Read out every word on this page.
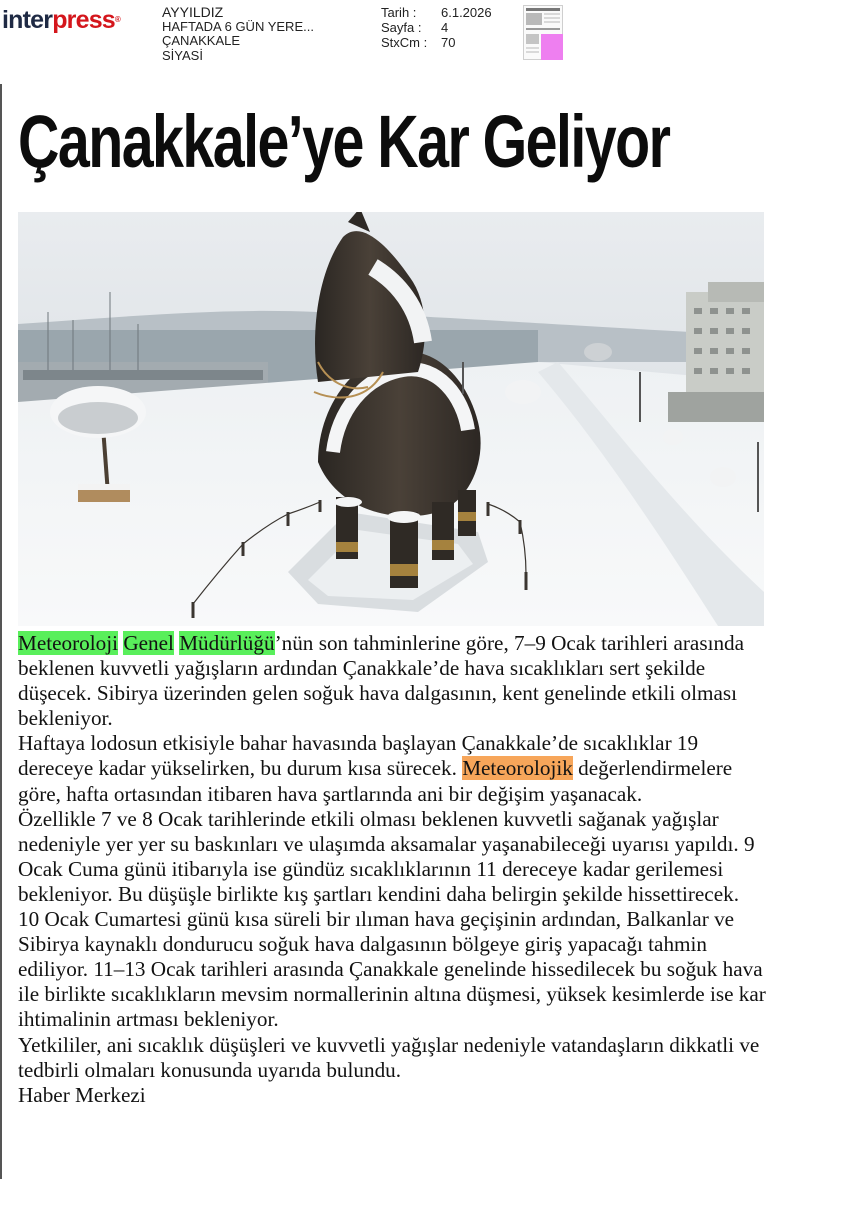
interpress®	AYYILDIZ
HAFTADA 6 GÜN YERE...
ÇANAKKALE
SİYASİ
Tarih : 6.1.2026
Sayfa : 4
StxCm : 70
Çanakkale’ye Kar Geliyor

Meteoroloji Genel Müdürlüğü’nün son tahminlerine göre, 7–9 Ocak tarihleri arasında beklenen kuvvetli yağışların ardından Çanakkale’de hava sıcaklıkları sert şekilde düşecek. Sibirya üzerinden gelen soğuk hava dalgasının, kent genelinde etkili olması bekleniyor.

Haftaya lodosun etkisiyle bahar havasında başlayan Çanakkale’de sıcaklıklar 19 dereceye kadar yükselirken, bu durum kısa sürecek. Meteorolojik değerlendirmelere göre, hafta ortasından itibaren hava şartlarında ani bir değişim yaşanacak.

Özellikle 7 ve 8 Ocak tarihlerinde etkili olması beklenen kuvvetli sağanak yağışlar nedeniyle yer yer su baskınları ve ulaşımda aksamalar yaşanabileceği uyarısı yapıldı. 9 Ocak Cuma günü itibarıyla ise gündüz sıcaklıklarının 11 dereceye kadar gerilemesi bekleniyor. Bu düşüşle birlikte kış şartları kendini daha belirgin şekilde hissettirecek.

10 Ocak Cumartesi günü kısa süreli bir ılıman hava geçişinin ardından, Balkanlar ve Sibirya kaynaklı dondurucu soğuk hava dalgasının bölgeye giriş yapacağı tahmin ediliyor. 11–13 Ocak tarihleri arasında Çanakkale genelinde hissedilecek bu soğuk hava ile birlikte sıcaklıkların mevsim normallerinin altına düşmesi, yüksek kesimlerde ise kar ihtimalinin artması bekleniyor.

Yetkililer, ani sıcaklık düşüşleri ve kuvvetli yağışlar nedeniyle vatandaşların dikkatli ve tedbirli olmaları konusunda uyarıda bulundu.

Haber Merkezi
